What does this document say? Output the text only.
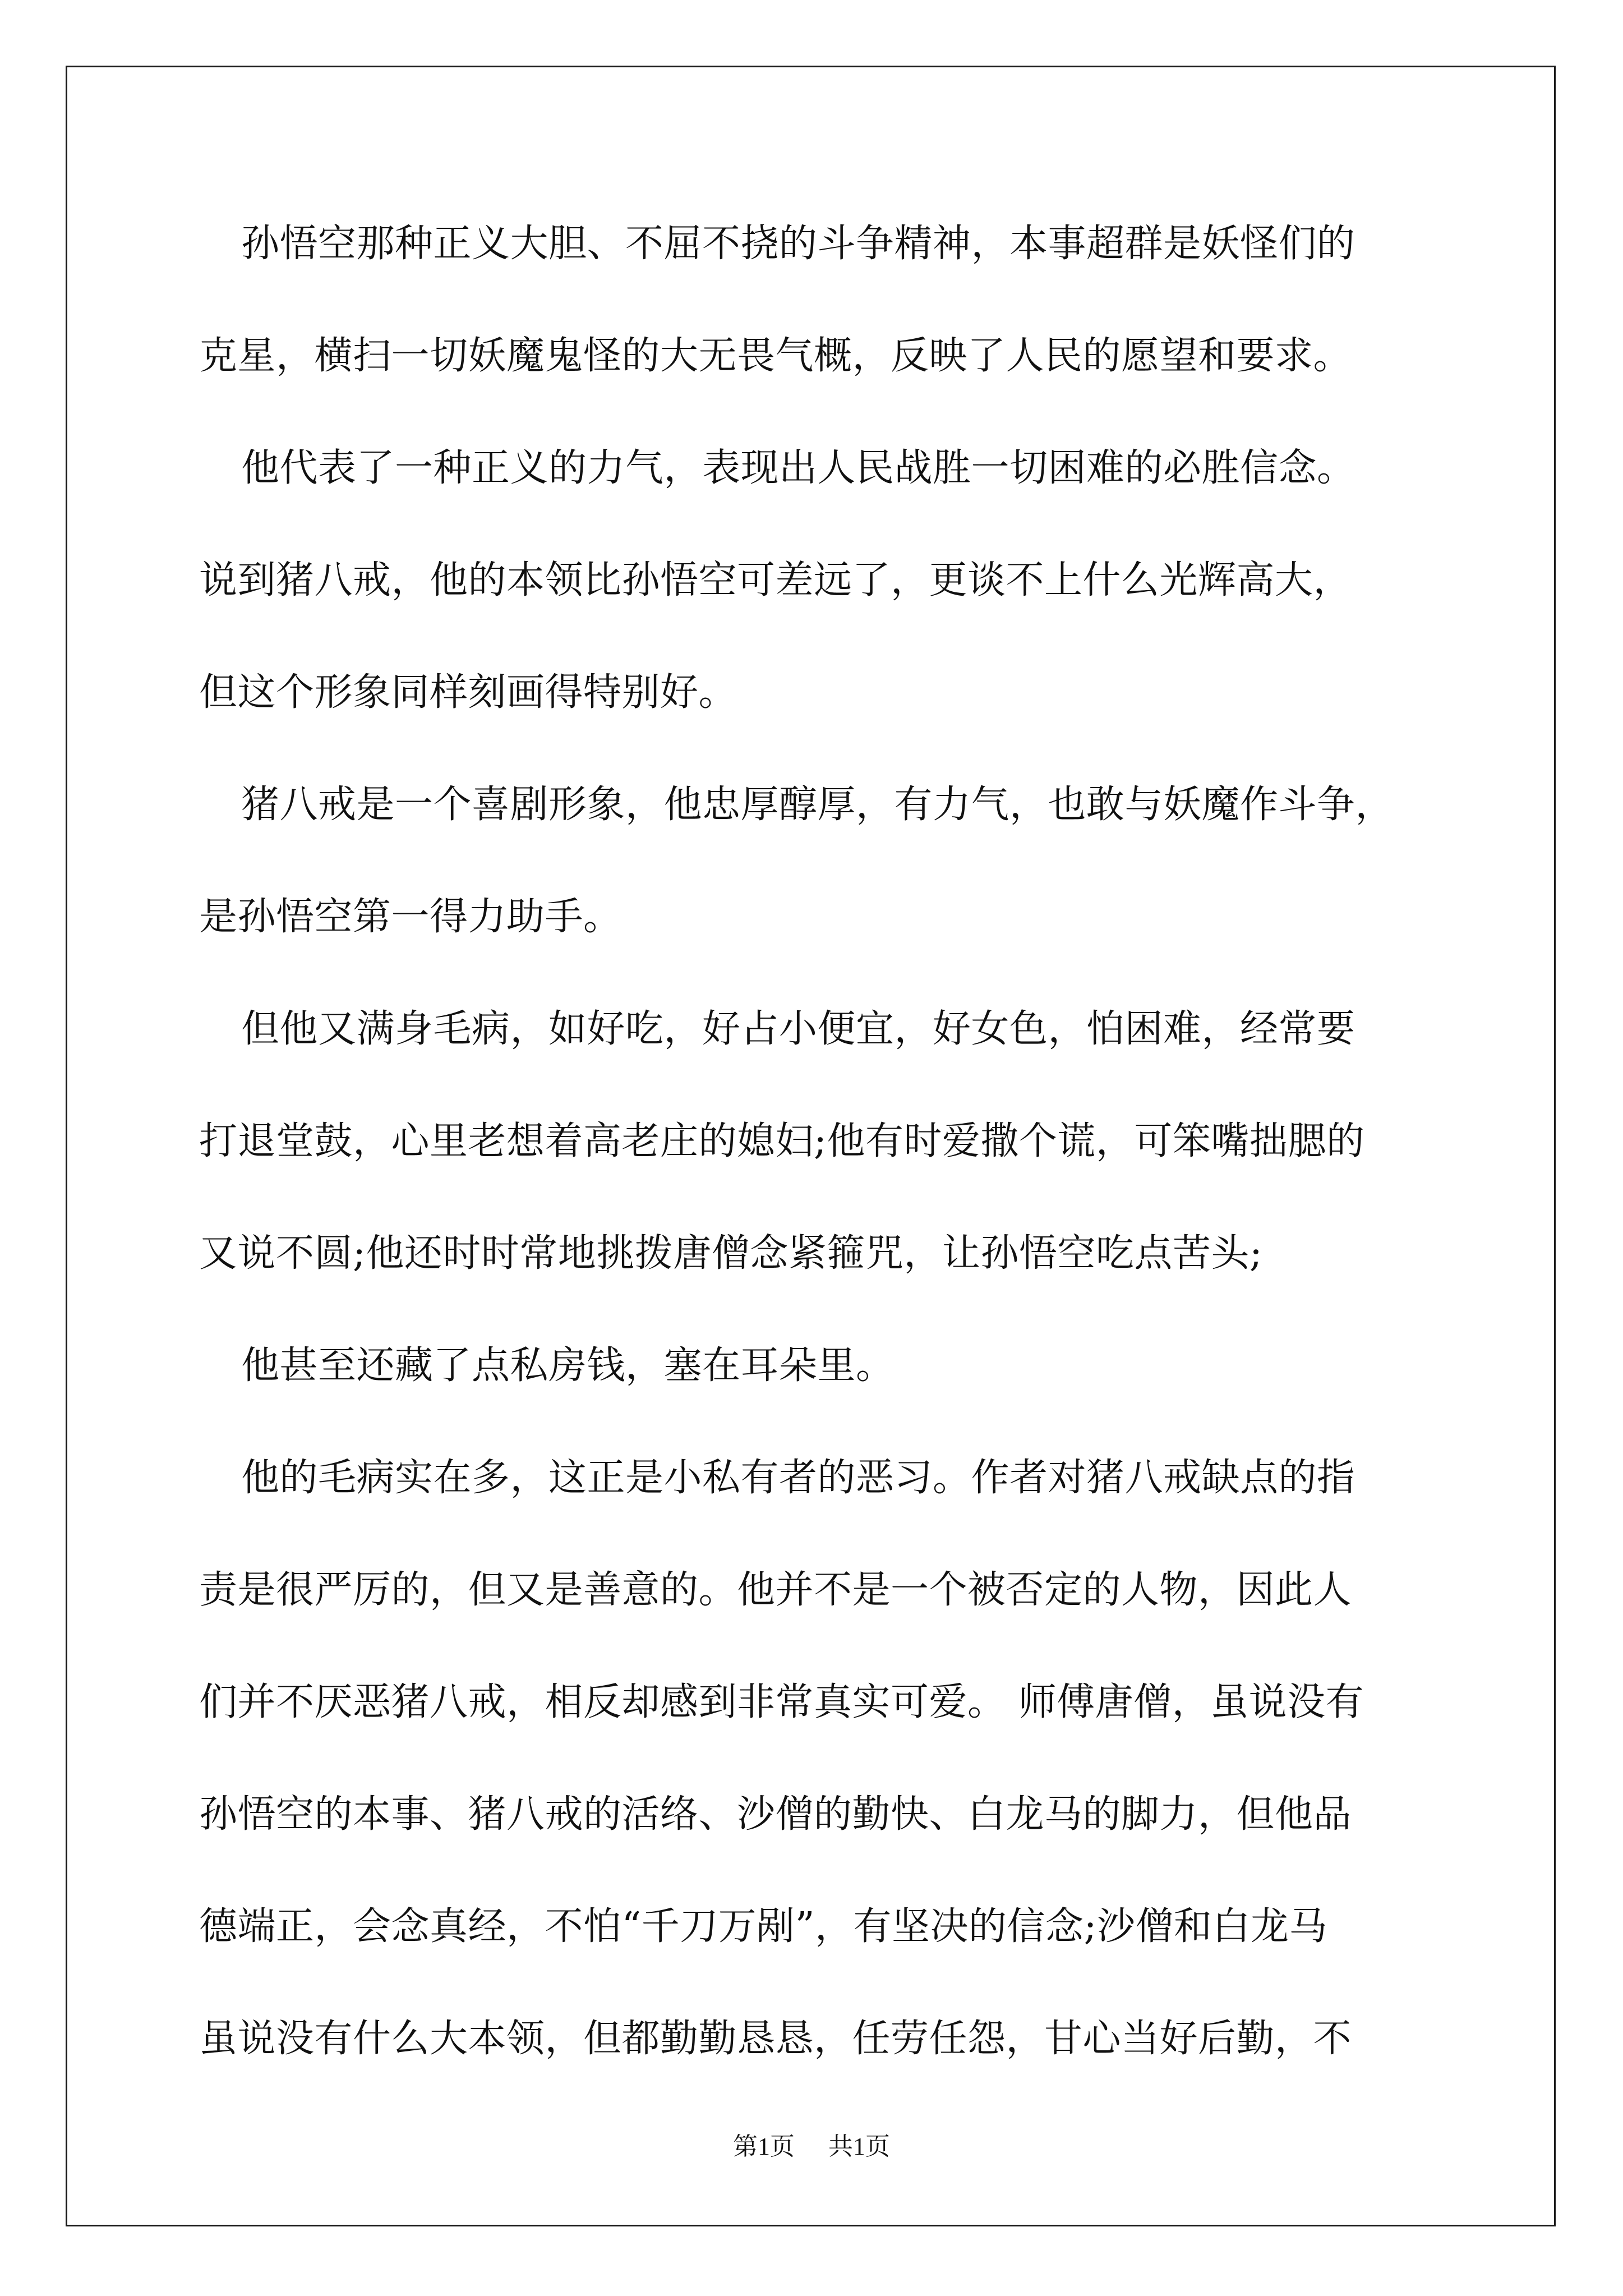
孙悟空那种正义大胆、不屈不挠的斗争精神，本事超群是妖怪们的
克星，横扫一切妖魔鬼怪的大无畏气概，反映了人民的愿望和要求。
他代表了一种正义的力气，表现出人民战胜一切困难的必胜信念。
说到猪八戒，他的本领比孙悟空可差远了，更谈不上什么光辉高大，
但这个形象同样刻画得特别好。
猪八戒是一个喜剧形象，他忠厚醇厚，有力气，也敢与妖魔作斗争，
是孙悟空第一得力助手。
但他又满身毛病，如好吃，好占小便宜，好女色，怕困难，经常要
打退堂鼓，心里老想着高老庄的媳妇;他有时爱撒个谎，可笨嘴拙腮的
又说不圆;他还时时常地挑拨唐僧念紧箍咒，让孙悟空吃点苦头;
他甚至还藏了点私房钱，塞在耳朵里。
他的毛病实在多，这正是小私有者的恶习。作者对猪八戒缺点的指
责是很严厉的，但又是善意的。他并不是一个被否定的人物，因此人
们并不厌恶猪八戒，相反却感到非常真实可爱。 师傅唐僧，虽说没有
孙悟空的本事、猪八戒的活络、沙僧的勤快、白龙马的脚力，但他品
德端正，会念真经，不怕“千刀万剐”，有坚决的信念;沙僧和白龙马
虽说没有什么大本领，但都勤勤恳恳，任劳任怨，甘心当好后勤，不
第1页 共1页
